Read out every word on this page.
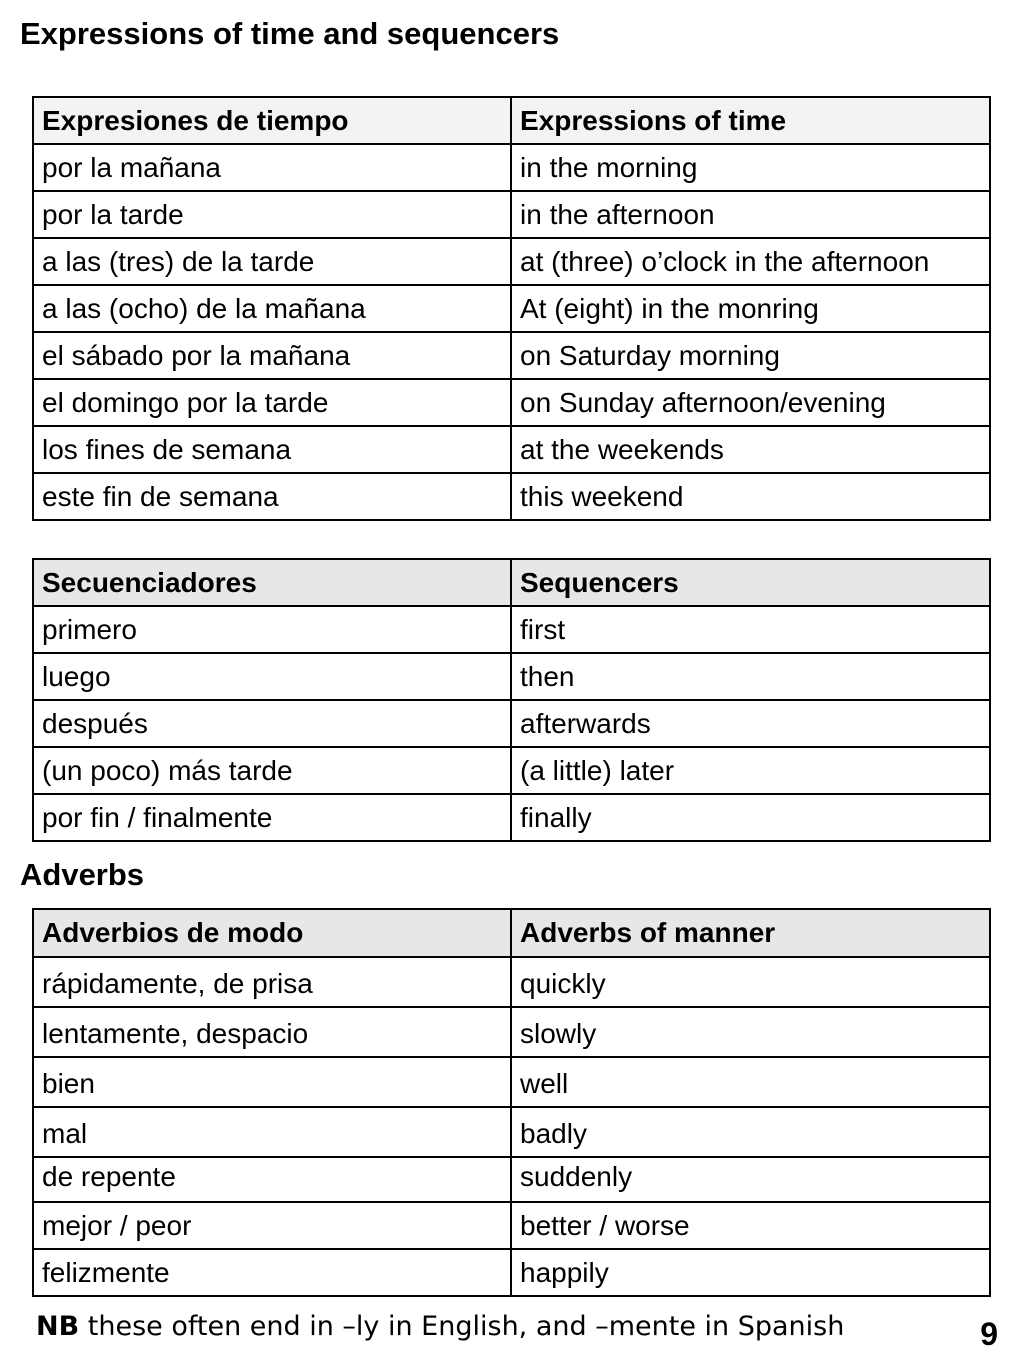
Expressions of time and sequencers
Expresiones de tiempo	Expressions of time
por la mañana	in the morning
por la tarde	in the afternoon
a las (tres) de la tarde	at (three) o’clock in the afternoon
a las (ocho) de la mañana	At (eight) in the monring
el sábado por la mañana	on Saturday morning
el domingo por la tarde	on Sunday afternoon/evening
los fines de semana	at the weekends
este fin de semana	this weekend
Secuenciadores	Sequencers
primero	first
luego	then
después	afterwards
(un poco) más tarde	(a little) later
por fin / finalmente	finally
Adverbs
Adverbios de modo	Adverbs of manner
rápidamente, de prisa	quickly
lentamente, despacio	slowly
bien	well
mal	badly
de repente	suddenly
mejor / peor	better / worse
felizmente	happily
NB these often end in –ly in English, and –mente in Spanish	9
